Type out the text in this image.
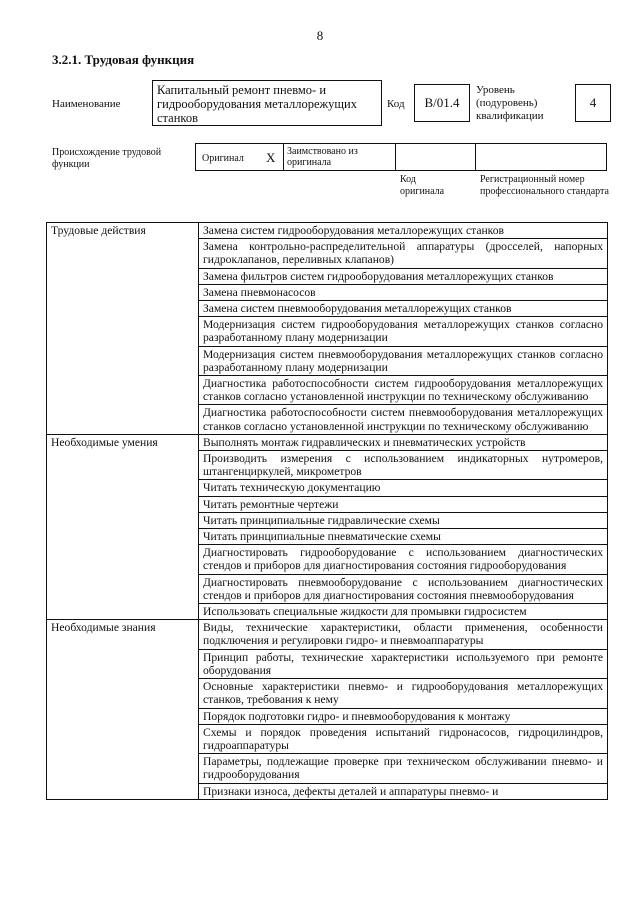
8
3.2.1. Трудовая функция
Наименование
Капитальный ремонт пневмо- и гидрооборудования металлорежущих станков
Код	B/01.4
Уровень (подуровень) квалификации
4
Происхождение трудовой функции
Оригинал X	Заимствовано из оригинала
Код оригинала
Регистрационный номер профессионального стандарта
Трудовые действия	Замена систем гидрооборудования металлорежущих станков
	Замена контрольно-распределительной аппаратуры (дросселей, напорных гидроклапанов, переливных клапанов)
	Замена фильтров систем гидрооборудования металлорежущих станков
	Замена пневмонасосов
	Замена систем пневмооборудования металлорежущих станков
	Модернизация систем гидрооборудования металлорежущих станков согласно разработанному плану модернизации
	Модернизация систем пневмооборудования металлорежущих станков согласно разработанному плану модернизации
	Диагностика работоспособности систем гидрооборудования металлорежущих станков согласно установленной инструкции по техническому обслуживанию
	Диагностика работоспособности систем пневмооборудования металлорежущих станков согласно установленной инструкции по техническому обслуживанию
Необходимые умения	Выполнять монтаж гидравлических и пневматических устройств
	Производить измерения с использованием индикаторных нутромеров, штангенциркулей, микрометров
	Читать техническую документацию
	Читать ремонтные чертежи
	Читать принципиальные гидравлические схемы
	Читать принципиальные пневматические схемы
	Диагностировать гидрооборудование с использованием диагностических стендов и приборов для диагностирования состояния гидрооборудования
	Диагностировать пневмооборудование с использованием диагностических стендов и приборов для диагностирования состояния пневмооборудования
	Использовать специальные жидкости для промывки гидросистем
Необходимые знания	Виды, технические характеристики, области применения, особенности подключения и регулировки гидро- и пневмоаппаратуры
	Принцип работы, технические характеристики используемого при ремонте оборудования
	Основные характеристики пневмо- и гидрооборудования металлорежущих станков, требования к нему
	Порядок подготовки гидро- и пневмооборудования к монтажу
	Схемы и порядок проведения испытаний гидронасосов, гидроцилиндров, гидроаппаратуры
	Параметры, подлежащие проверке при техническом обслуживании пневмо- и гидрооборудования
	Признаки износа, дефекты деталей и аппаратуры пневмо- и
